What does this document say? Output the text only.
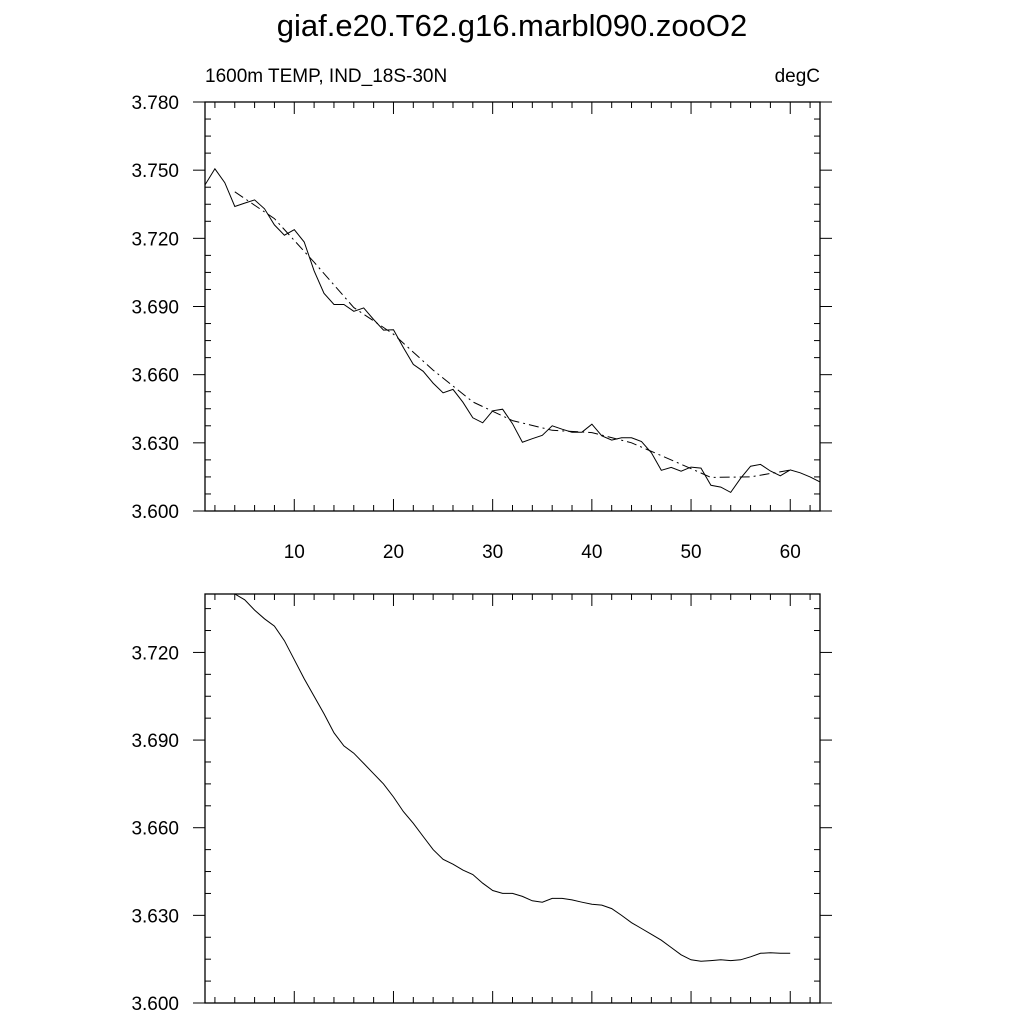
giaf.e20.T62.g16.marbl090.zooO2
1600m TEMP, IND_18S-30N	degC
3.600
3.630
3.660
3.690
3.720
3.750
3.780
10	20	30	40	50	60
3.600
3.630
3.660
3.690
3.720
